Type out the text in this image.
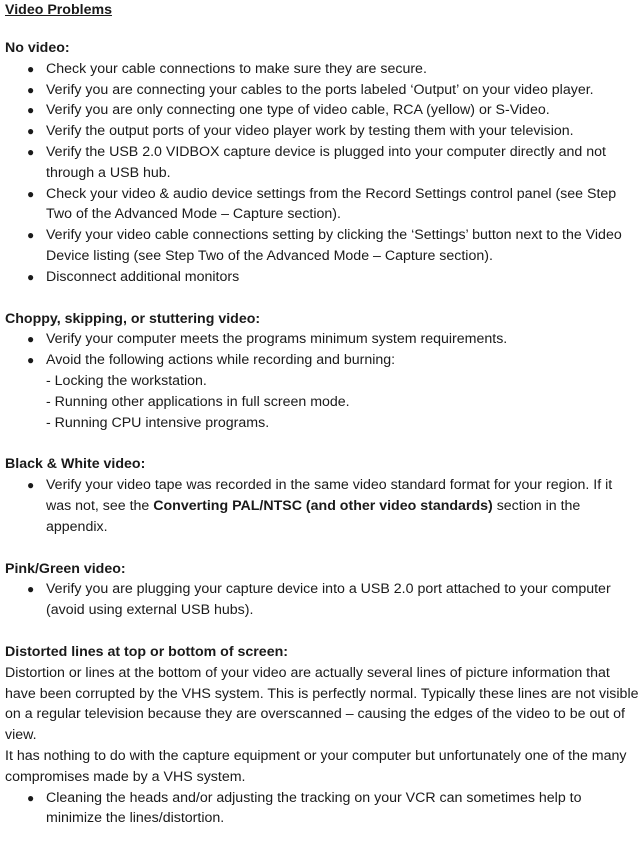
Video Problems
No video:
● Check your cable connections to make sure they are secure.
● Verify you are connecting your cables to the ports labeled ‘Output’ on your video player.
● Verify you are only connecting one type of video cable, RCA (yellow) or S-Video.
● Verify the output ports of your video player work by testing them with your television.
● Verify the USB 2.0 VIDBOX capture device is plugged into your computer directly and not through a USB hub.
● Check your video & audio device settings from the Record Settings control panel (see Step Two of the Advanced Mode – Capture section).
● Verify your video cable connections setting by clicking the ‘Settings’ button next to the Video Device listing (see Step Two of the Advanced Mode – Capture section).
● Disconnect additional monitors
Choppy, skipping, or stuttering video:
● Verify your computer meets the programs minimum system requirements.
● Avoid the following actions while recording and burning:
- Locking the workstation.
- Running other applications in full screen mode.
- Running CPU intensive programs.
Black & White video:
● Verify your video tape was recorded in the same video standard format for your region. If it was not, see the Converting PAL/NTSC (and other video standards) section in the appendix.
Pink/Green video:
● Verify you are plugging your capture device into a USB 2.0 port attached to your computer (avoid using external USB hubs).
Distorted lines at top or bottom of screen:
Distortion or lines at the bottom of your video are actually several lines of picture information that have been corrupted by the VHS system. This is perfectly normal. Typically these lines are not visible on a regular television because they are overscanned – causing the edges of the video to be out of view.
It has nothing to do with the capture equipment or your computer but unfortunately one of the many compromises made by a VHS system.
● Cleaning the heads and/or adjusting the tracking on your VCR can sometimes help to minimize the lines/distortion.
